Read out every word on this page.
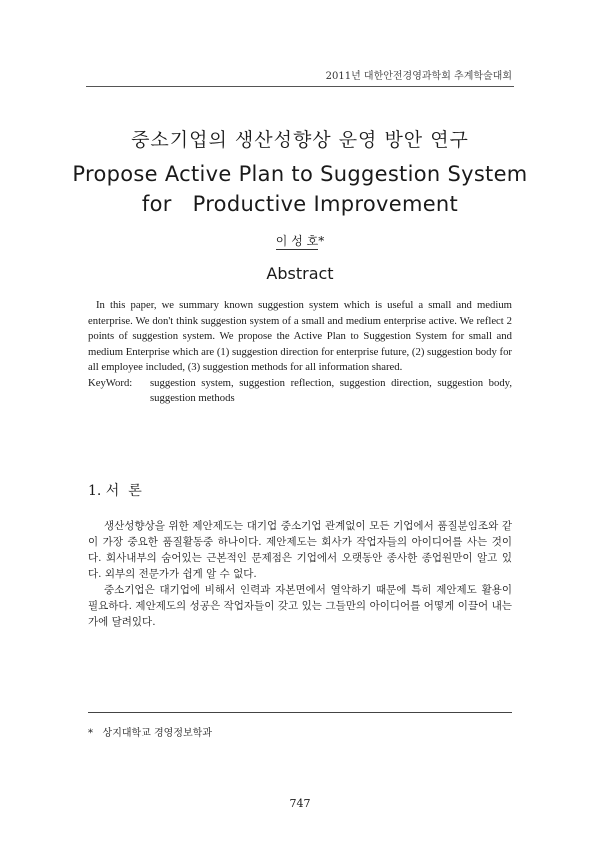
2011년 대한안전경영과학회 추계학술대회

중소기업의 생산성향상 운영 방안 연구

Propose Active Plan to Suggestion System

for   Productive Improvement

이 성 호*
Abstract

In this paper, we summary known suggestion system which is useful a small and medium enterprise. We don't think suggestion system of a small and medium enterprise active. We reflect 2 points of suggestion system. We propose the Active Plan to Suggestion System for small and medium Enterprise which are (1) suggestion direction for enterprise future, (2) suggestion body for all employee included, (3) suggestion methods for all information shared.

KeyWord:	suggestion system, suggestion reflection, suggestion direction, suggestion body, suggestion methods
1. 서  론

생산성향상을 위한 제안제도는 대기업 중소기업 관계없이 모든 기업에서 품질분임조와 같이 가장 중요한 품질활동중 하나이다. 제안제도는 회사가 작업자들의 아이디어를 사는 것이다. 회사내부의 숨어있는 근본적인 문제점은 기업에서 오랫동안 종사한 종업원만이 알고 있다. 외부의 전문가가 쉽게 알 수 없다.

중소기업은 대기업에 비해서 인력과 자본면에서 열악하기 때문에 특히 제안제도 활용이 필요하다. 제안제도의 성공은 작업자들이 갖고 있는 그들만의 아이디어를 어떻게 이끌어 내는 가에 달려있다.

*   상지대학교 경영정보학과
747
